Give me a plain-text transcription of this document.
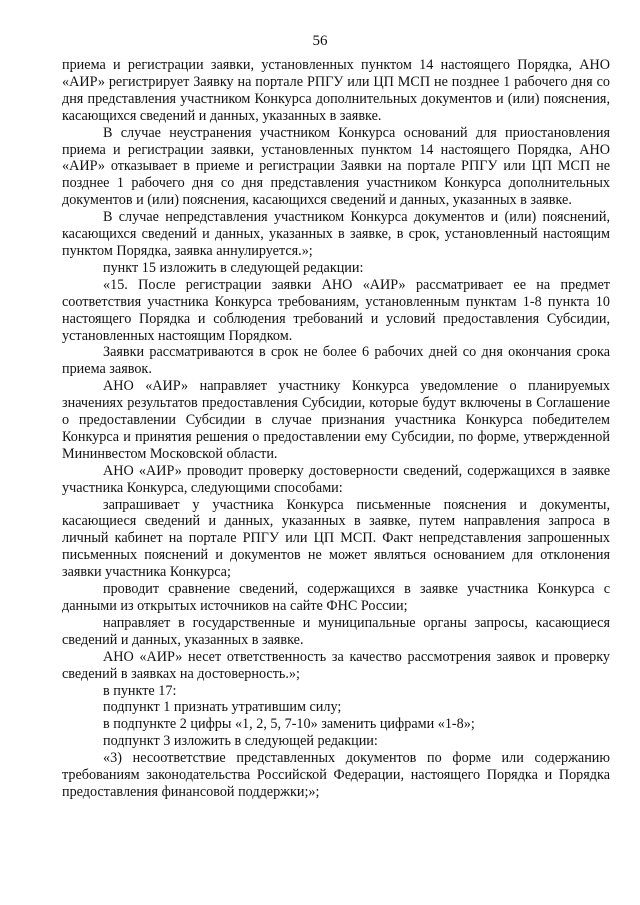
56

приема и регистрации заявки, установленных пунктом 14 настоящего Порядка, АНО «АИР» регистрирует Заявку на портале РПГУ или ЦП МСП не позднее 1 рабочего дня со дня представления участником Конкурса дополнительных документов и (или) пояснения, касающихся сведений и данных, указанных в заявке.

В случае неустранения участником Конкурса оснований для приостановления приема и регистрации заявки, установленных пунктом 14 настоящего Порядка, АНО «АИР» отказывает в приеме и регистрации Заявки на портале РПГУ или ЦП МСП не позднее 1 рабочего дня со дня представления участником Конкурса дополнительных документов и (или) пояснения, касающихся сведений и данных, указанных в заявке.

В случае непредставления участником Конкурса документов и (или) пояснений, касающихся сведений и данных, указанных в заявке, в срок, установленный настоящим пунктом Порядка, заявка аннулируется.»;

пункт 15 изложить в следующей редакции:

«15. После регистрации заявки АНО «АИР» рассматривает ее на предмет соответствия участника Конкурса требованиям, установленным пунктам 1-8 пункта 10 настоящего Порядка и соблюдения требований и условий предоставления Субсидии, установленных настоящим Порядком.

Заявки рассматриваются в срок не более 6 рабочих дней со дня окончания срока приема заявок.

АНО «АИР» направляет участнику Конкурса уведомление о планируемых значениях результатов предоставления Субсидии, которые будут включены в Соглашение о предоставлении Субсидии в случае признания участника Конкурса победителем Конкурса и принятия решения о предоставлении ему Субсидии, по форме, утвержденной Мининвестом Московской области.

АНО «АИР» проводит проверку достоверности сведений, содержащихся в заявке участника Конкурса, следующими способами:

запрашивает у участника Конкурса письменные пояснения и документы, касающиеся сведений и данных, указанных в заявке, путем направления запроса в личный кабинет на портале РПГУ или ЦП МСП. Факт непредставления запрошенных письменных пояснений и документов не может являться основанием для отклонения заявки участника Конкурса;

проводит сравнение сведений, содержащихся в заявке участника Конкурса с данными из открытых источников на сайте ФНС России;

направляет в государственные и муниципальные органы запросы, касающиеся сведений и данных, указанных в заявке.

АНО «АИР» несет ответственность за качество рассмотрения заявок и проверку сведений в заявках на достоверность.»;

в пункте 17:

подпункт 1 признать утратившим силу;

в подпункте 2 цифры «1, 2, 5, 7-10» заменить цифрами «1-8»;

подпункт 3 изложить в следующей редакции:

«3) несоответствие представленных документов по форме или содержанию требованиям законодательства Российской Федерации, настоящего Порядка и Порядка предоставления финансовой поддержки;»;
